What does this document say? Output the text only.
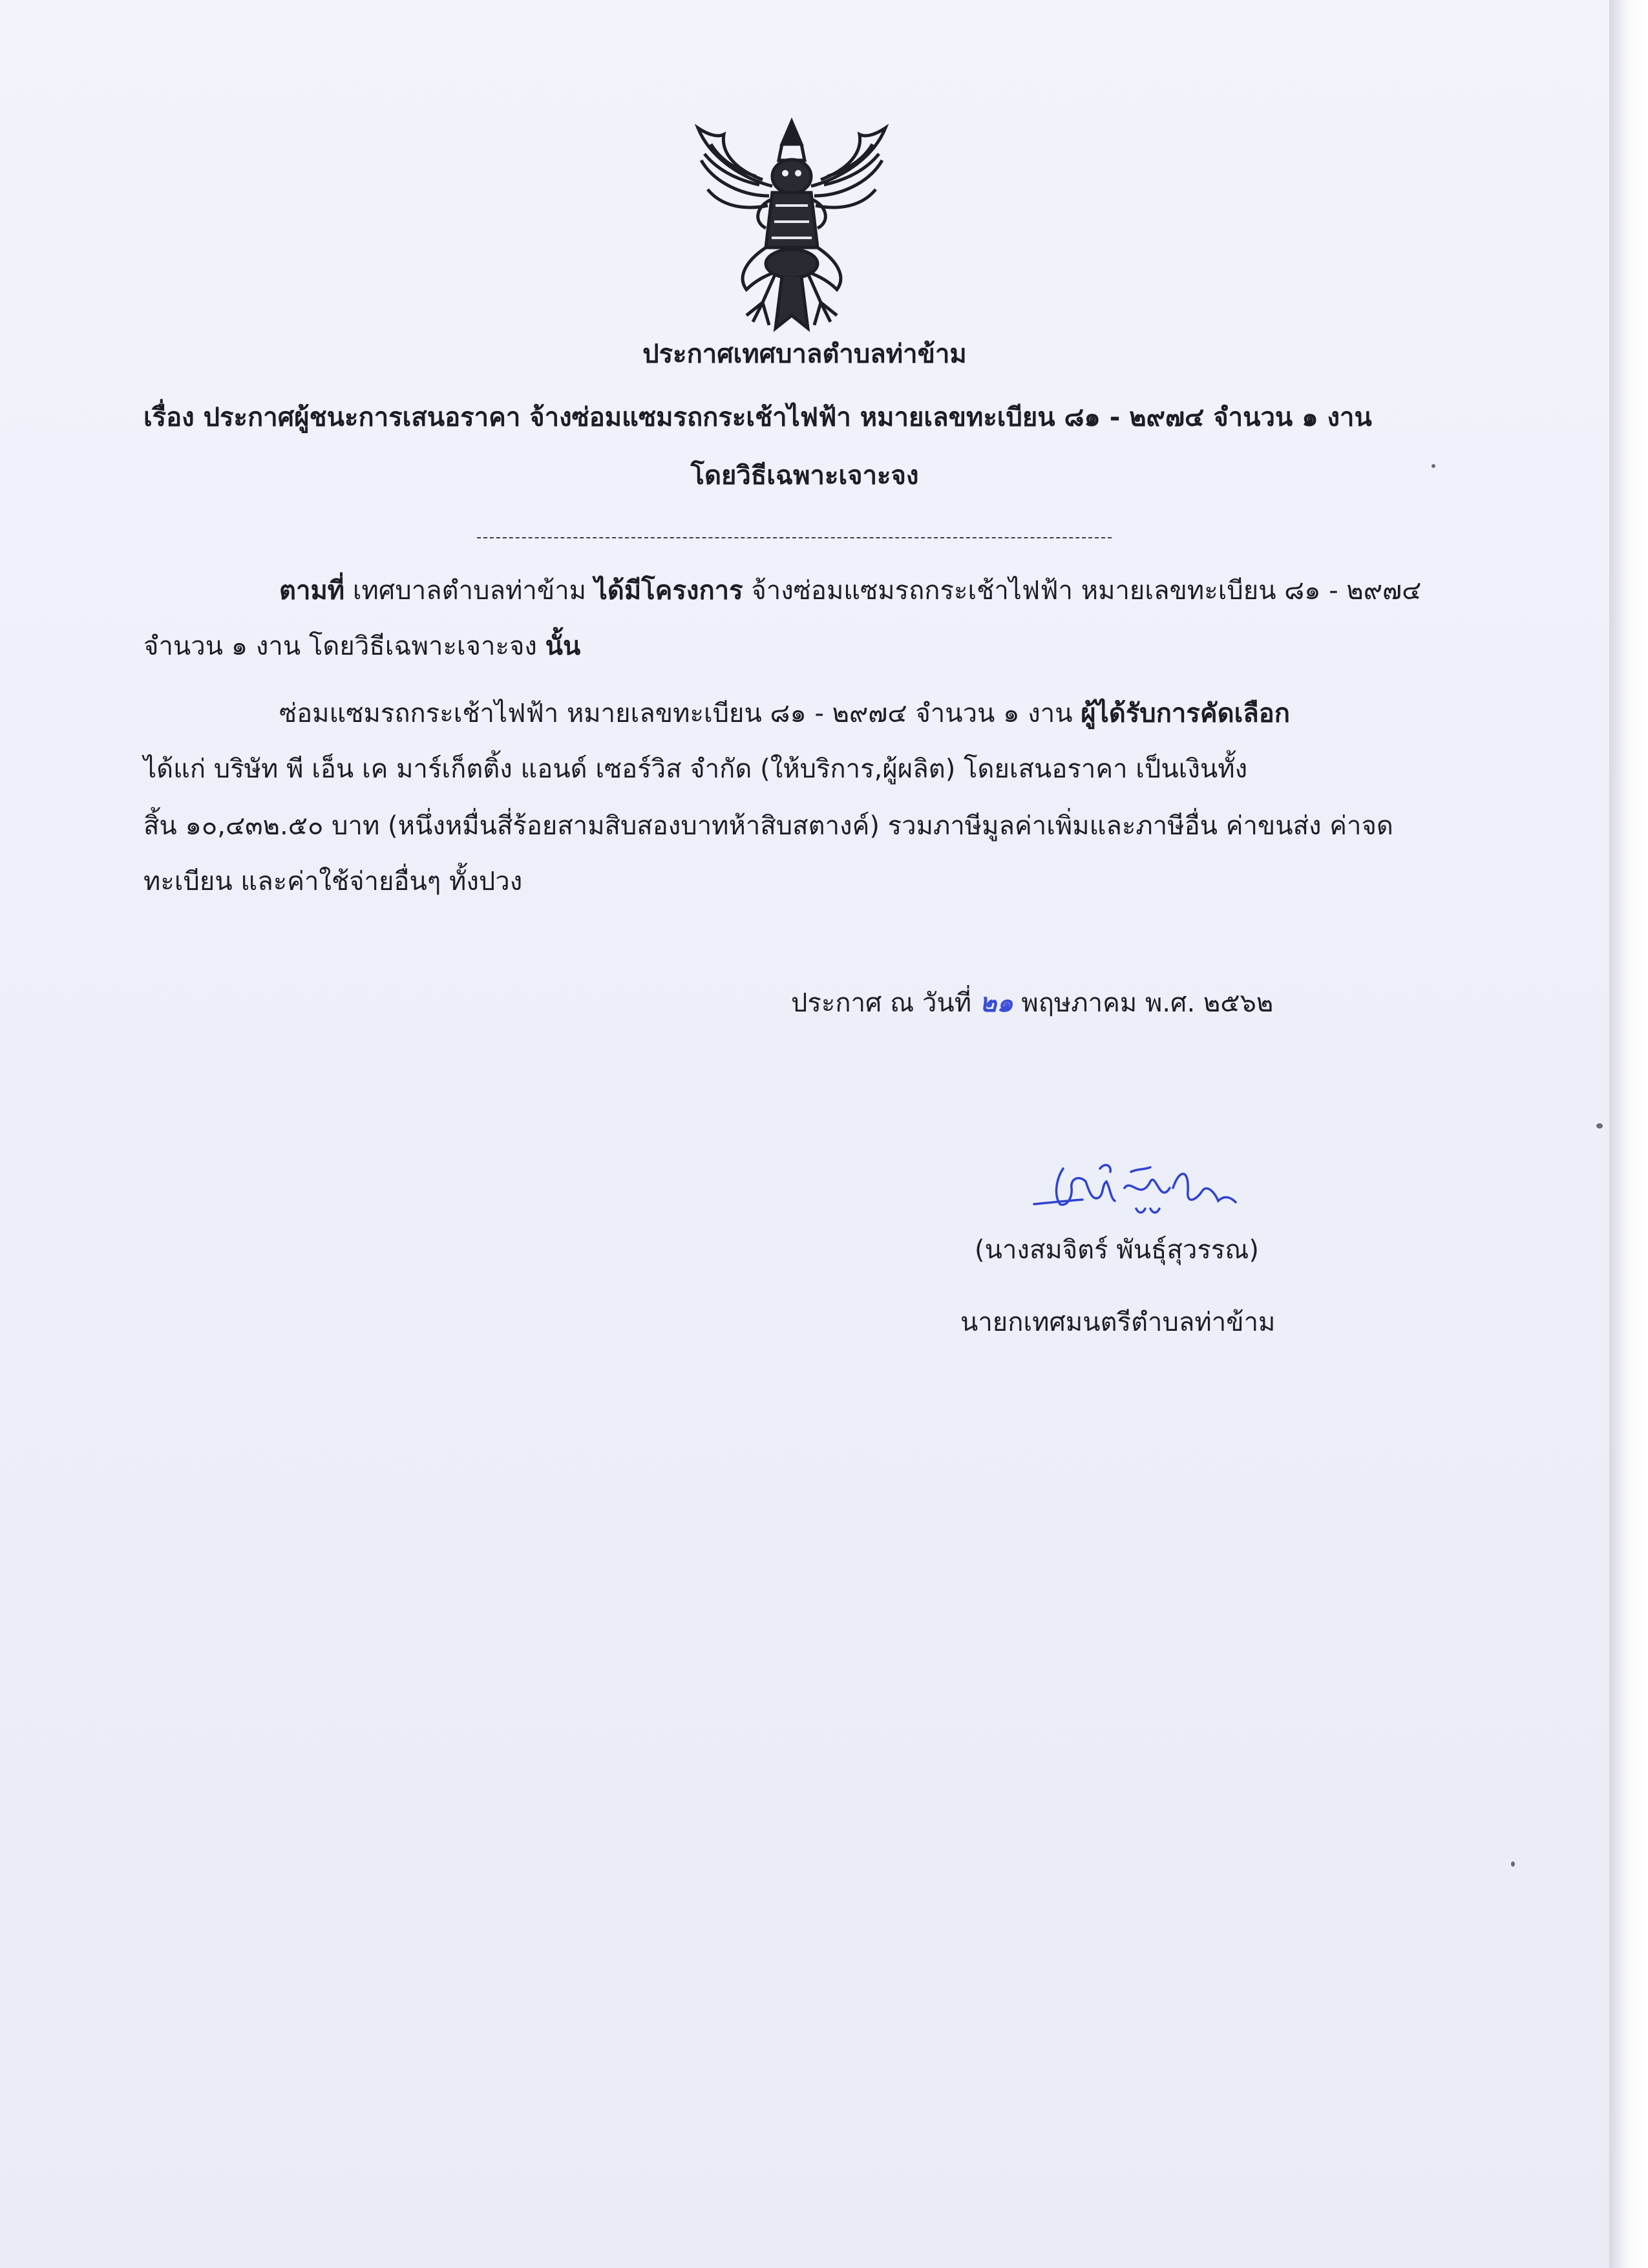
ประกาศเทศบาลตำบลท่าข้าม
เรื่อง ประกาศผู้ชนะการเสนอราคา จ้างซ่อมแซมรถกระเช้าไฟฟ้า หมายเลขทะเบียน ๘๑ - ๒๙๗๔ จำนวน ๑ งาน
โดยวิธีเฉพาะเจาะจง
ตามที่ เทศบาลตำบลท่าข้าม ได้มีโครงการ จ้างซ่อมแซมรถกระเช้าไฟฟ้า หมายเลขทะเบียน ๘๑ - ๒๙๗๔
จำนวน ๑ งาน โดยวิธีเฉพาะเจาะจง นั้น
ซ่อมแซมรถกระเช้าไฟฟ้า หมายเลขทะเบียน ๘๑ - ๒๙๗๔ จำนวน ๑ งาน ผู้ได้รับการคัดเลือก
ได้แก่ บริษัท พี เอ็น เค มาร์เก็ตติ้ง แอนด์ เซอร์วิส จำกัด (ให้บริการ,ผู้ผลิต) โดยเสนอราคา เป็นเงินทั้ง
สิ้น ๑๐,๔๓๒.๕๐ บาท (หนึ่งหมื่นสี่ร้อยสามสิบสองบาทห้าสิบสตางค์) รวมภาษีมูลค่าเพิ่มและภาษีอื่น ค่าขนส่ง ค่าจด
ทะเบียน และค่าใช้จ่ายอื่นๆ ทั้งปวง
ประกาศ ณ วันที่ ๒๑ พฤษภาคม พ.ศ. ๒๕๖๒
(นางสมจิตร์ พันธุ์สุวรรณ)
นายกเทศมนตรีตำบลท่าข้าม
